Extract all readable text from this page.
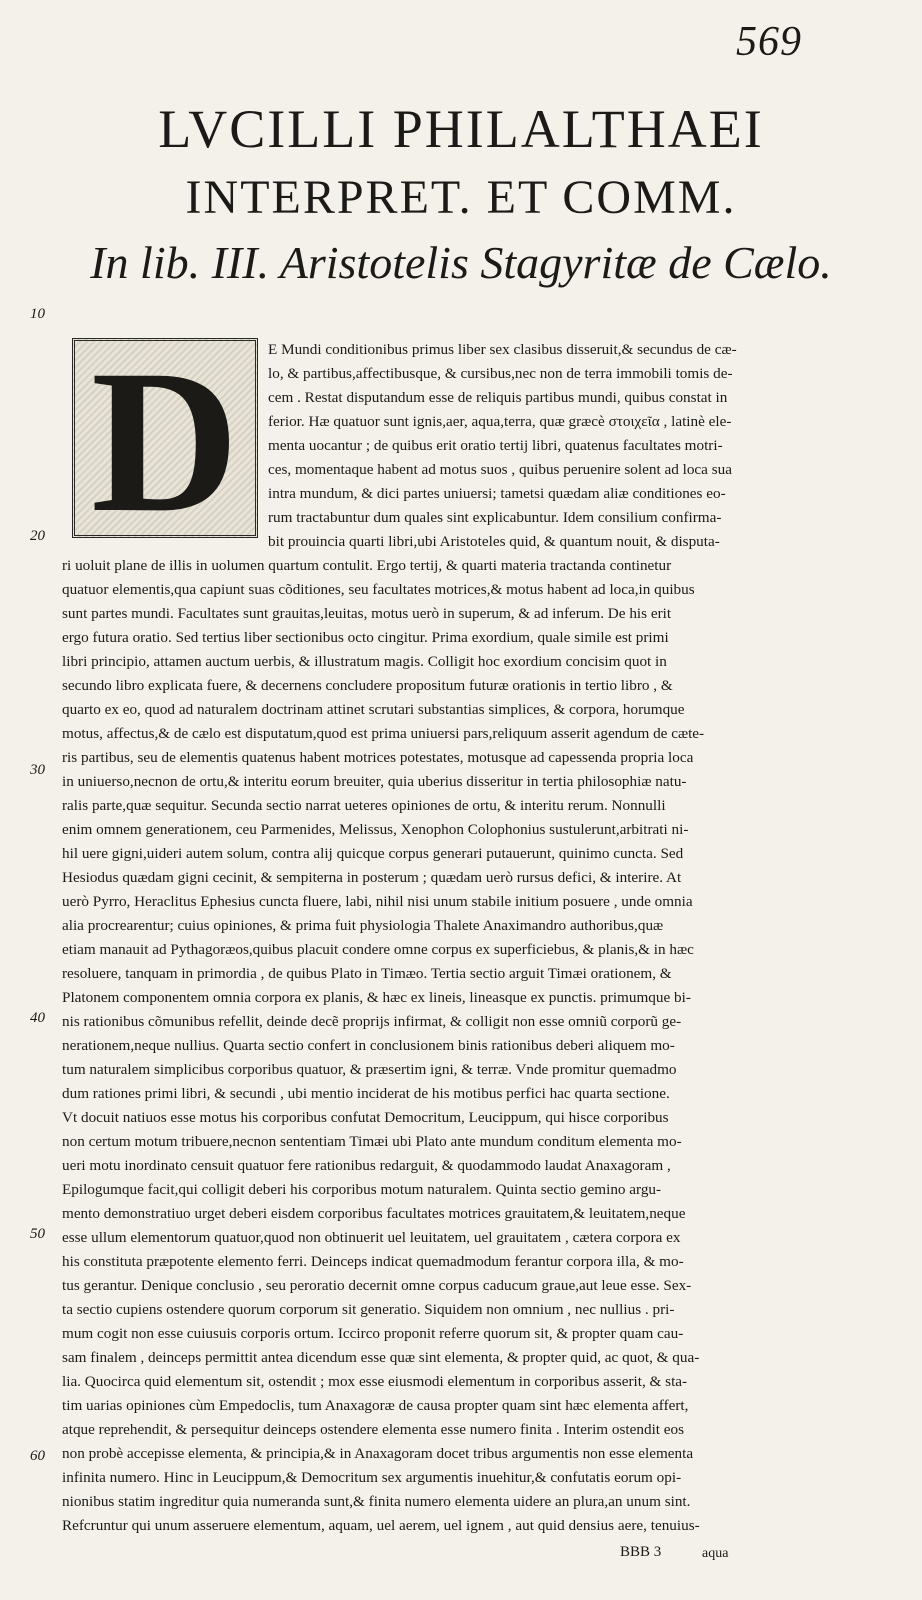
569
LVCILLI PHILALTHAEI
INTERPRET. ET COMM.
In lib. III. Aristotelis Stagyritæ de Cælo.
10
20
30
40
50
60
D E Mundi conditionibus primus liber sex clasibus disseruit,& secundus de cæ-
lo, & partibus,affectibusque, & cursibus,nec non de terra immobili tomis de-
cem . Restat disputandum esse de reliquis partibus mundi, quibus constat in
ferior. Hæ quatuor sunt ignis,aer, aqua,terra, quæ græcè στοιχεῖα , latinè ele-
menta uocantur ; de quibus erit oratio tertij libri, quatenus facultates motri-
ces, momentaque habent ad motus suos , quibus peruenire solent ad loca sua
intra mundum, & dici partes uniuersi; tametsi quædam aliæ conditiones eo-
rum tractabuntur dum quales sint explicabuntur. Idem consilium confirma-
bit prouincia quarti libri,ubi Aristoteles quid, & quantum nouit, & disputa-
ri uoluit plane de illis in uolumen quartum contulit. Ergo tertij, & quarti materia tractanda continetur
quatuor elementis,qua capiunt suas cõditiones, seu facultates motrices,& motus habent ad loca,in quibus
sunt partes mundi. Facultates sunt grauitas,leuitas, motus uerò in superum, & ad inferum. De his erit
ergo futura oratio. Sed tertius liber sectionibus octo cingitur. Prima exordium, quale simile est primi
libri principio, attamen auctum uerbis, & illustratum magis. Colligit hoc exordium concisim quot in
secundo libro explicata fuere, & decernens concludere propositum futuræ orationis in tertio libro , &
quarto ex eo, quod ad naturalem doctrinam attinet scrutari substantias simplices, & corpora, horumque
motus, affectus,& de cælo est disputatum,quod est prima uniuersi pars,reliquum asserit agendum de cæte-
ris partibus, seu de elementis quatenus habent motrices potestates, motusque ad capessenda propria loca
in uniuerso,necnon de ortu,& interitu eorum breuiter, quia uberius disseritur in tertia philosophiæ natu-
ralis parte,quæ sequitur. Secunda sectio narrat ueteres opiniones de ortu, & interitu rerum. Nonnulli
enim omnem generationem, ceu Parmenides, Melissus, Xenophon Colophonius sustulerunt,arbitrati ni-
hil uere gigni,uideri autem solum, contra alij quicque corpus generari putauerunt, quinimo cuncta. Sed
Hesiodus quædam gigni cecinit, & sempiterna in posterum ; quædam uerò rursus defici, & interire. At
uerò Pyrro, Heraclitus Ephesius cuncta fluere, labi, nihil nisi unum stabile initium posuere , unde omnia
alia procrearentur; cuius opiniones, & prima fuit physiologia Thalete Anaximandro authoribus,quæ
etiam manauit ad Pythagoræos,quibus placuit condere omne corpus ex superficiebus, & planis,& in hæc
resoluere, tanquam in primordia , de quibus Plato in Timæo. Tertia sectio arguit Timæi orationem, &
Platonem componentem omnia corpora ex planis, & hæc ex lineis, lineasque ex punctis. primumque bi-
nis rationibus cõmunibus refellit, deinde decẽ proprijs infirmat, & colligit non esse omniũ corporũ ge-
nerationem,neque nullius. Quarta sectio confert in conclusionem binis rationibus deberi aliquem mo-
tum naturalem simplicibus corporibus quatuor, & præsertim igni, & terræ. Vnde promitur quemadmo
dum rationes primi libri, & secundi , ubi mentio inciderat de his motibus perfici hac quarta sectione.
Vt docuit natiuos esse motus his corporibus confutat Democritum, Leucippum, qui hisce corporibus
non certum motum tribuere,necnon sententiam Timæi ubi Plato ante mundum conditum elementa mo-
ueri motu inordinato censuit quatuor fere rationibus redarguit, & quodammodo laudat Anaxagoram ,
Epilogumque facit,qui colligit deberi his corporibus motum naturalem. Quinta sectio gemino argu-
mento demonstratiuo urget deberi eisdem corporibus facultates motrices grauitatem,& leuitatem,neque
esse ullum elementorum quatuor,quod non obtinuerit uel leuitatem, uel grauitatem , cætera corpora ex
his constituta præpotente elemento ferri. Deinceps indicat quemadmodum ferantur corpora illa, & mo-
tus gerantur. Denique conclusio , seu peroratio decernit omne corpus caducum graue,aut leue esse. Sex-
ta sectio cupiens ostendere quorum corporum sit generatio. Siquidem non omnium , nec nullius . pri-
mum cogit non esse cuiusuis corporis ortum. Iccirco proponit referre quorum sit, & propter quam cau-
sam finalem , deinceps permittit antea dicendum esse quæ sint elementa, & propter quid, ac quot, & qua-
lia. Quocirca quid elementum sit, ostendit ; mox esse eiusmodi elementum in corporibus asserit, & sta-
tim uarias opiniones cùm Empedoclis, tum Anaxagoræ de causa propter quam sint hæc elementa affert,
atque reprehendit, & persequitur deinceps ostendere elementa esse numero finita . Interim ostendit eos
non probè accepisse elementa, & principia,& in Anaxagoram docet tribus argumentis non esse elementa
infinita numero. Hinc in Leucippum,& Democritum sex argumentis inuehitur,& confutatis eorum opi-
nionibus statim ingreditur quia numeranda sunt,& finita numero elementa uidere an plura,an unum sint.
Refcruntur qui unum asseruere elementum, aquam, uel aerem, uel ignem , aut quid densius aere, tenuius-
BBB 3	aqua
